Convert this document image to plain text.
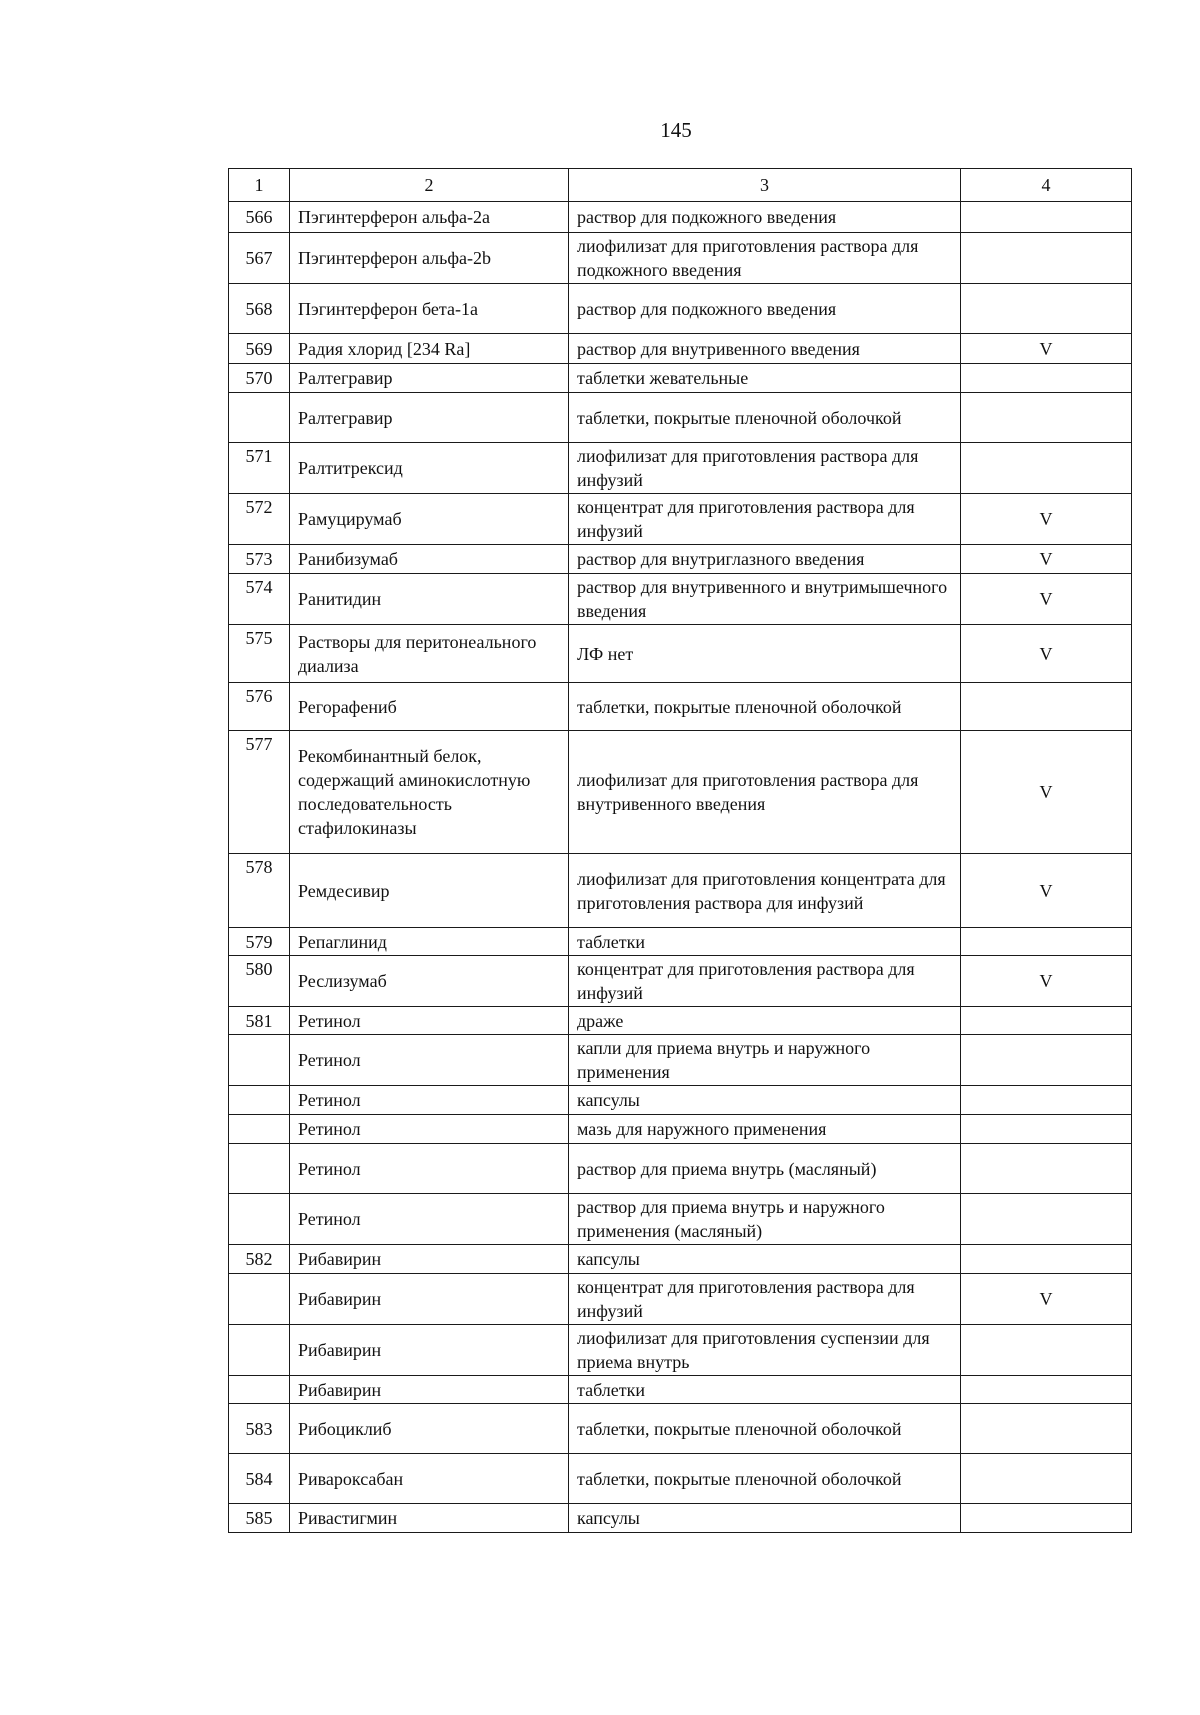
145
1	2	3	4
566	Пэгинтерферон альфа-2а	раствор для подкожного введения	
567	Пэгинтерферон альфа-2b	лиофилизат для приготовления раствора для подкожного введения	
568	Пэгинтерферон бета-1а	раствор для подкожного введения	
569	Радия хлорид [234 Ra]	раствор для внутривенного введения	V
570	Ралтегравир	таблетки жевательные	
	Ралтегравир	таблетки, покрытые пленочной оболочкой	
571	Ралтитрексид	лиофилизат для приготовления раствора для инфузий	
572	Рамуцирумаб	концентрат для приготовления раствора для инфузий	V
573	Ранибизумаб	раствор для внутриглазного введения	V
574	Ранитидин	раствор для внутривенного и внутримышечного введения	V
575	Растворы для перитонеального диализа	ЛФ нет	V
576	Регорафениб	таблетки, покрытые пленочной оболочкой	
577	Рекомбинантный белок, содержащий аминокислотную последовательность стафилокиназы	лиофилизат для приготовления раствора для внутривенного введения	V
578	Ремдесивир	лиофилизат для приготовления концентрата для приготовления раствора для инфузий	V
579	Репаглинид	таблетки	
580	Реслизумаб	концентрат для приготовления раствора для инфузий	V
581	Ретинол	драже	
	Ретинол	капли для приема внутрь и наружного применения	
	Ретинол	капсулы	
	Ретинол	мазь для наружного применения	
	Ретинол	раствор для приема внутрь (масляный)	
	Ретинол	раствор для приема внутрь и наружного применения (масляный)	
582	Рибавирин	капсулы	
	Рибавирин	концентрат для приготовления раствора для инфузий	V
	Рибавирин	лиофилизат для приготовления суспензии для приема внутрь	
	Рибавирин	таблетки	
583	Рибоциклиб	таблетки, покрытые пленочной оболочкой	
584	Ривароксабан	таблетки, покрытые пленочной оболочкой	
585	Ривастигмин	капсулы	
